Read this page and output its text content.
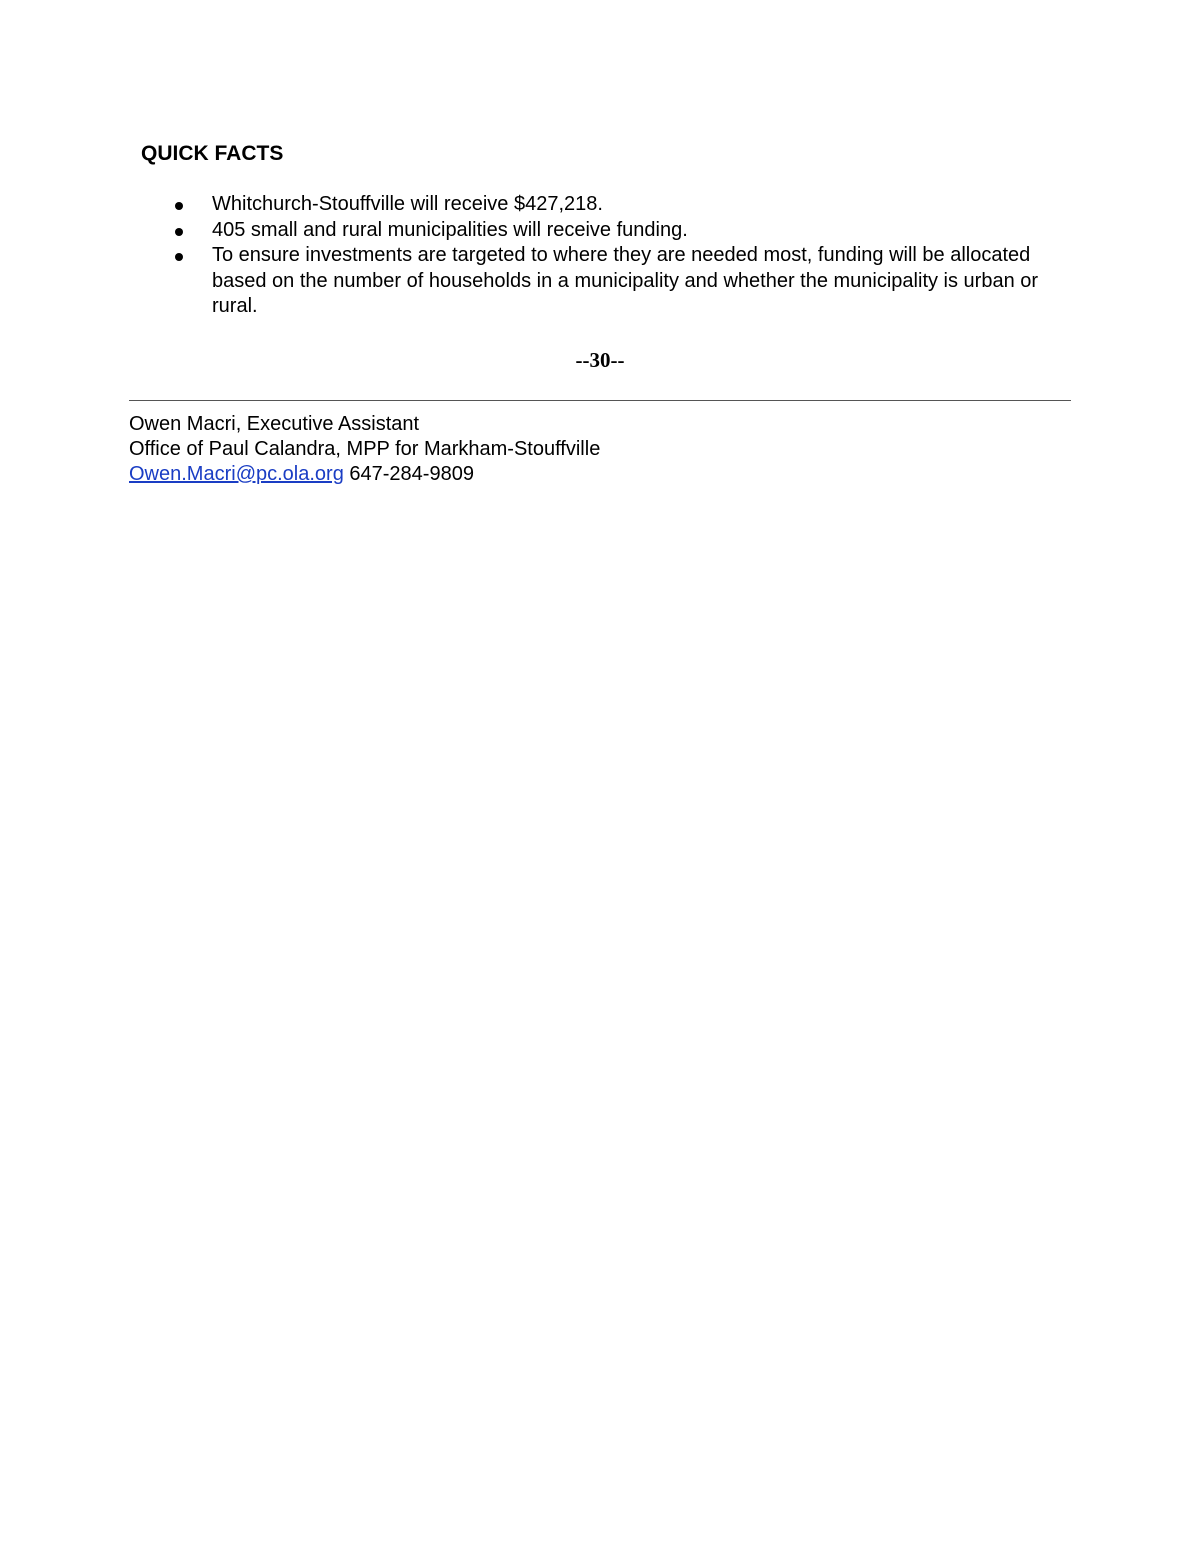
QUICK FACTS
Whitchurch-Stouffville will receive $427,218.
405 small and rural municipalities will receive funding.
To ensure investments are targeted to where they are needed most, funding will be allocated based on the number of households in a municipality and whether the municipality is urban or rural.
--30--
Owen Macri, Executive Assistant
Office of Paul Calandra, MPP for Markham-Stouffville
Owen.Macri@pc.ola.org 647-284-9809
